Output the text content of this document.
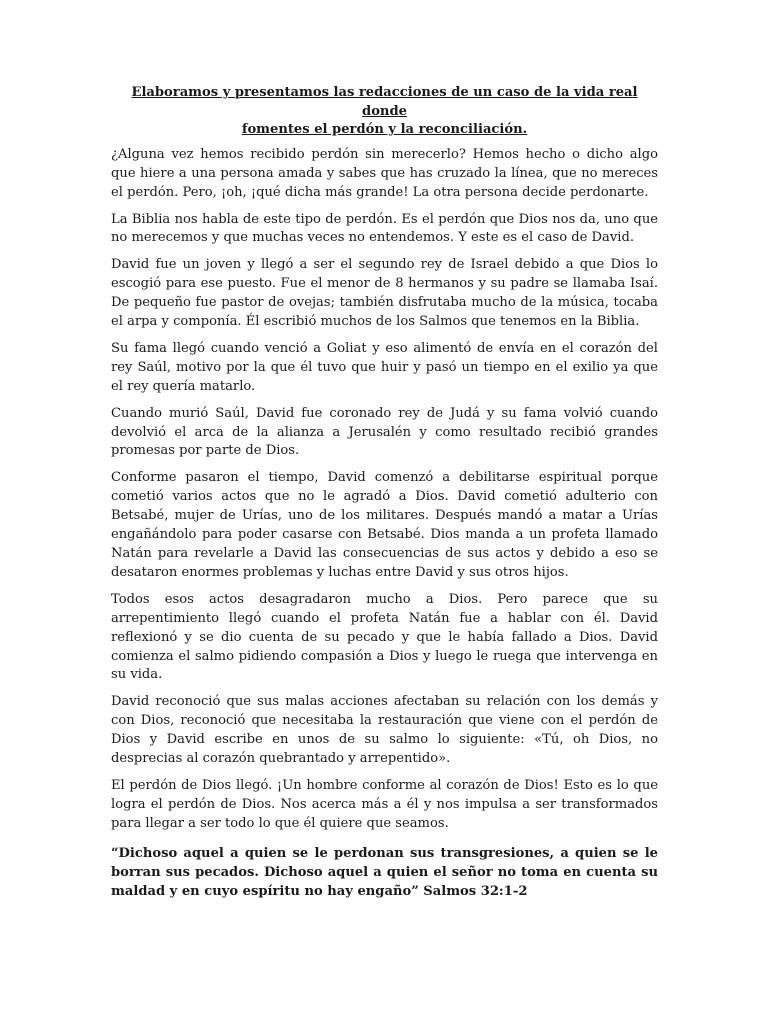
Elaboramos y presentamos las redacciones de un caso de la vida real donde
fomentes el perdón y la reconciliación.

¿Alguna vez hemos recibido perdón sin merecerlo? Hemos hecho o dicho algo que hiere a una persona amada y sabes que has cruzado la línea, que no mereces el perdón. Pero, ¡oh, ¡qué dicha más grande! La otra persona decide perdonarte.

La Biblia nos habla de este tipo de perdón. Es el perdón que Dios nos da, uno que no merecemos y que muchas veces no entendemos. Y este es el caso de David.

David fue un joven y llegó a ser el segundo rey de Israel debido a que Dios lo escogió para ese puesto. Fue el menor de 8 hermanos y su padre se llamaba Isaí. De pequeño fue pastor de ovejas; también disfrutaba mucho de la música, tocaba el arpa y componía. Él escribió muchos de los Salmos que tenemos en la Biblia.

Su fama llegó cuando venció a Goliat y eso alimentó de envía en el corazón del rey Saúl, motivo por la que él tuvo que huir y pasó un tiempo en el exilio ya que el rey quería matarlo.

Cuando murió Saúl, David fue coronado rey de Judá y su fama volvió cuando devolvió el arca de la alianza a Jerusalén y como resultado recibió grandes promesas por parte de Dios.

Conforme pasaron el tiempo, David comenzó a debilitarse espiritual porque cometió varios actos que no le agradó a Dios. David cometió adulterio con Betsabé, mujer de Urías, uno de los militares. Después mandó a matar a Urías engañándolo para poder casarse con Betsabé. Dios manda a un profeta llamado Natán para revelarle a David las consecuencias de sus actos y debido a eso se desataron enormes problemas y luchas entre David y sus otros hijos.

Todos esos actos desagradaron mucho a Dios. Pero parece que su arrepentimiento llegó cuando el profeta Natán fue a hablar con él. David reflexionó y se dio cuenta de su pecado y que le había fallado a Dios. David comienza el salmo pidiendo compasión a Dios y luego le ruega que intervenga en su vida.

David reconoció que sus malas acciones afectaban su relación con los demás y con Dios, reconoció que necesitaba la restauración que viene con el perdón de Dios y David escribe en unos de su salmo lo siguiente: «Tú, oh Dios, no desprecias al corazón quebrantado y arrepentido».

El perdón de Dios llegó. ¡Un hombre conforme al corazón de Dios! Esto es lo que logra el perdón de Dios. Nos acerca más a él y nos impulsa a ser transformados para llegar a ser todo lo que él quiere que seamos.

“Dichoso aquel a quien se le perdonan sus transgresiones, a quien se le borran sus pecados. Dichoso aquel a quien el señor no toma en cuenta su maldad y en cuyo espíritu no hay engaño” Salmos 32:1-2
